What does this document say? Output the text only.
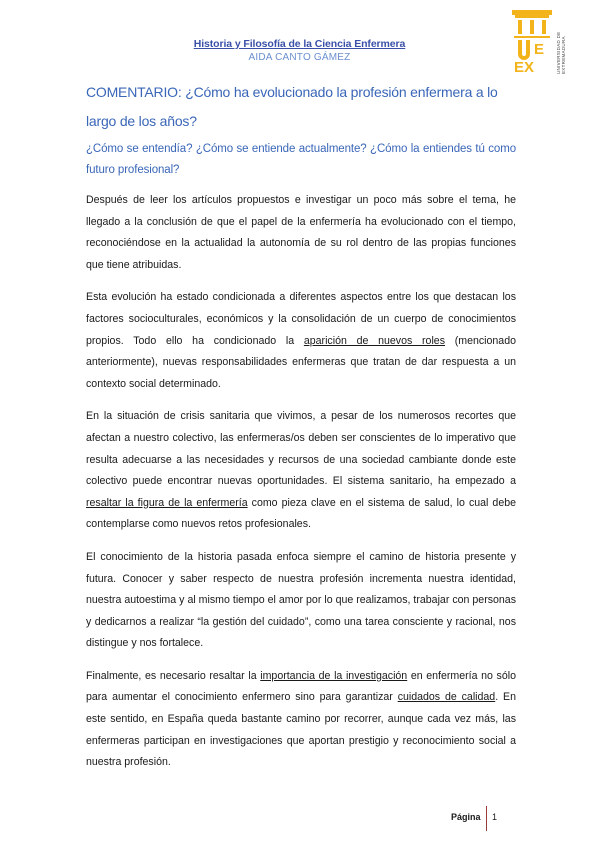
Historia y Filosofía de la Ciencia Enfermera
AIDA CANTO GÁMEZ	E
EX	UNIVERSIDAD DE EXTREMADURA
COMENTARIO: ¿Cómo ha evolucionado la profesión enfermera a lo largo de los años?
¿Cómo se entendía? ¿Cómo se entiende actualmente? ¿Cómo la entiendes tú como futuro profesional?

Después de leer los artículos propuestos e investigar un poco más sobre el tema, he llegado a la conclusión de que el papel de la enfermería ha evolucionado con el tiempo, reconociéndose en la actualidad la autonomía de su rol dentro de las propias funciones que tiene atribuidas.

Esta evolución ha estado condicionada a diferentes aspectos entre los que destacan los factores socioculturales, económicos y la consolidación de un cuerpo de conocimientos propios. Todo ello ha condicionado la aparición de nuevos roles (mencionado anteriormente), nuevas responsabilidades enfermeras que tratan de dar respuesta a un contexto social determinado.

En la situación de crisis sanitaria que vivimos, a pesar de los numerosos recortes que afectan a nuestro colectivo, las enfermeras/os deben ser conscientes de lo imperativo que resulta adecuarse a las necesidades y recursos de una sociedad cambiante donde este colectivo puede encontrar nuevas oportunidades. El sistema sanitario, ha empezado a resaltar la figura de la enfermería como pieza clave en el sistema de salud, lo cual debe contemplarse como nuevos retos profesionales.

El conocimiento de la historia pasada enfoca siempre el camino de historia presente y futura. Conocer y saber respecto de nuestra profesión incrementa nuestra identidad, nuestra autoestima y al mismo tiempo el amor por lo que realizamos, trabajar con personas y dedicarnos a realizar “la gestión del cuidado”, como una tarea consciente y racional, nos distingue y nos fortalece.

Finalmente, es necesario resaltar la importancia de la investigación en enfermería no sólo para aumentar el conocimiento enfermero sino para garantizar cuidados de calidad. En este sentido, en España queda bastante camino por recorrer, aunque cada vez más, las enfermeras participan en investigaciones que aportan prestigio y reconocimiento social a nuestra profesión.

Página 1
